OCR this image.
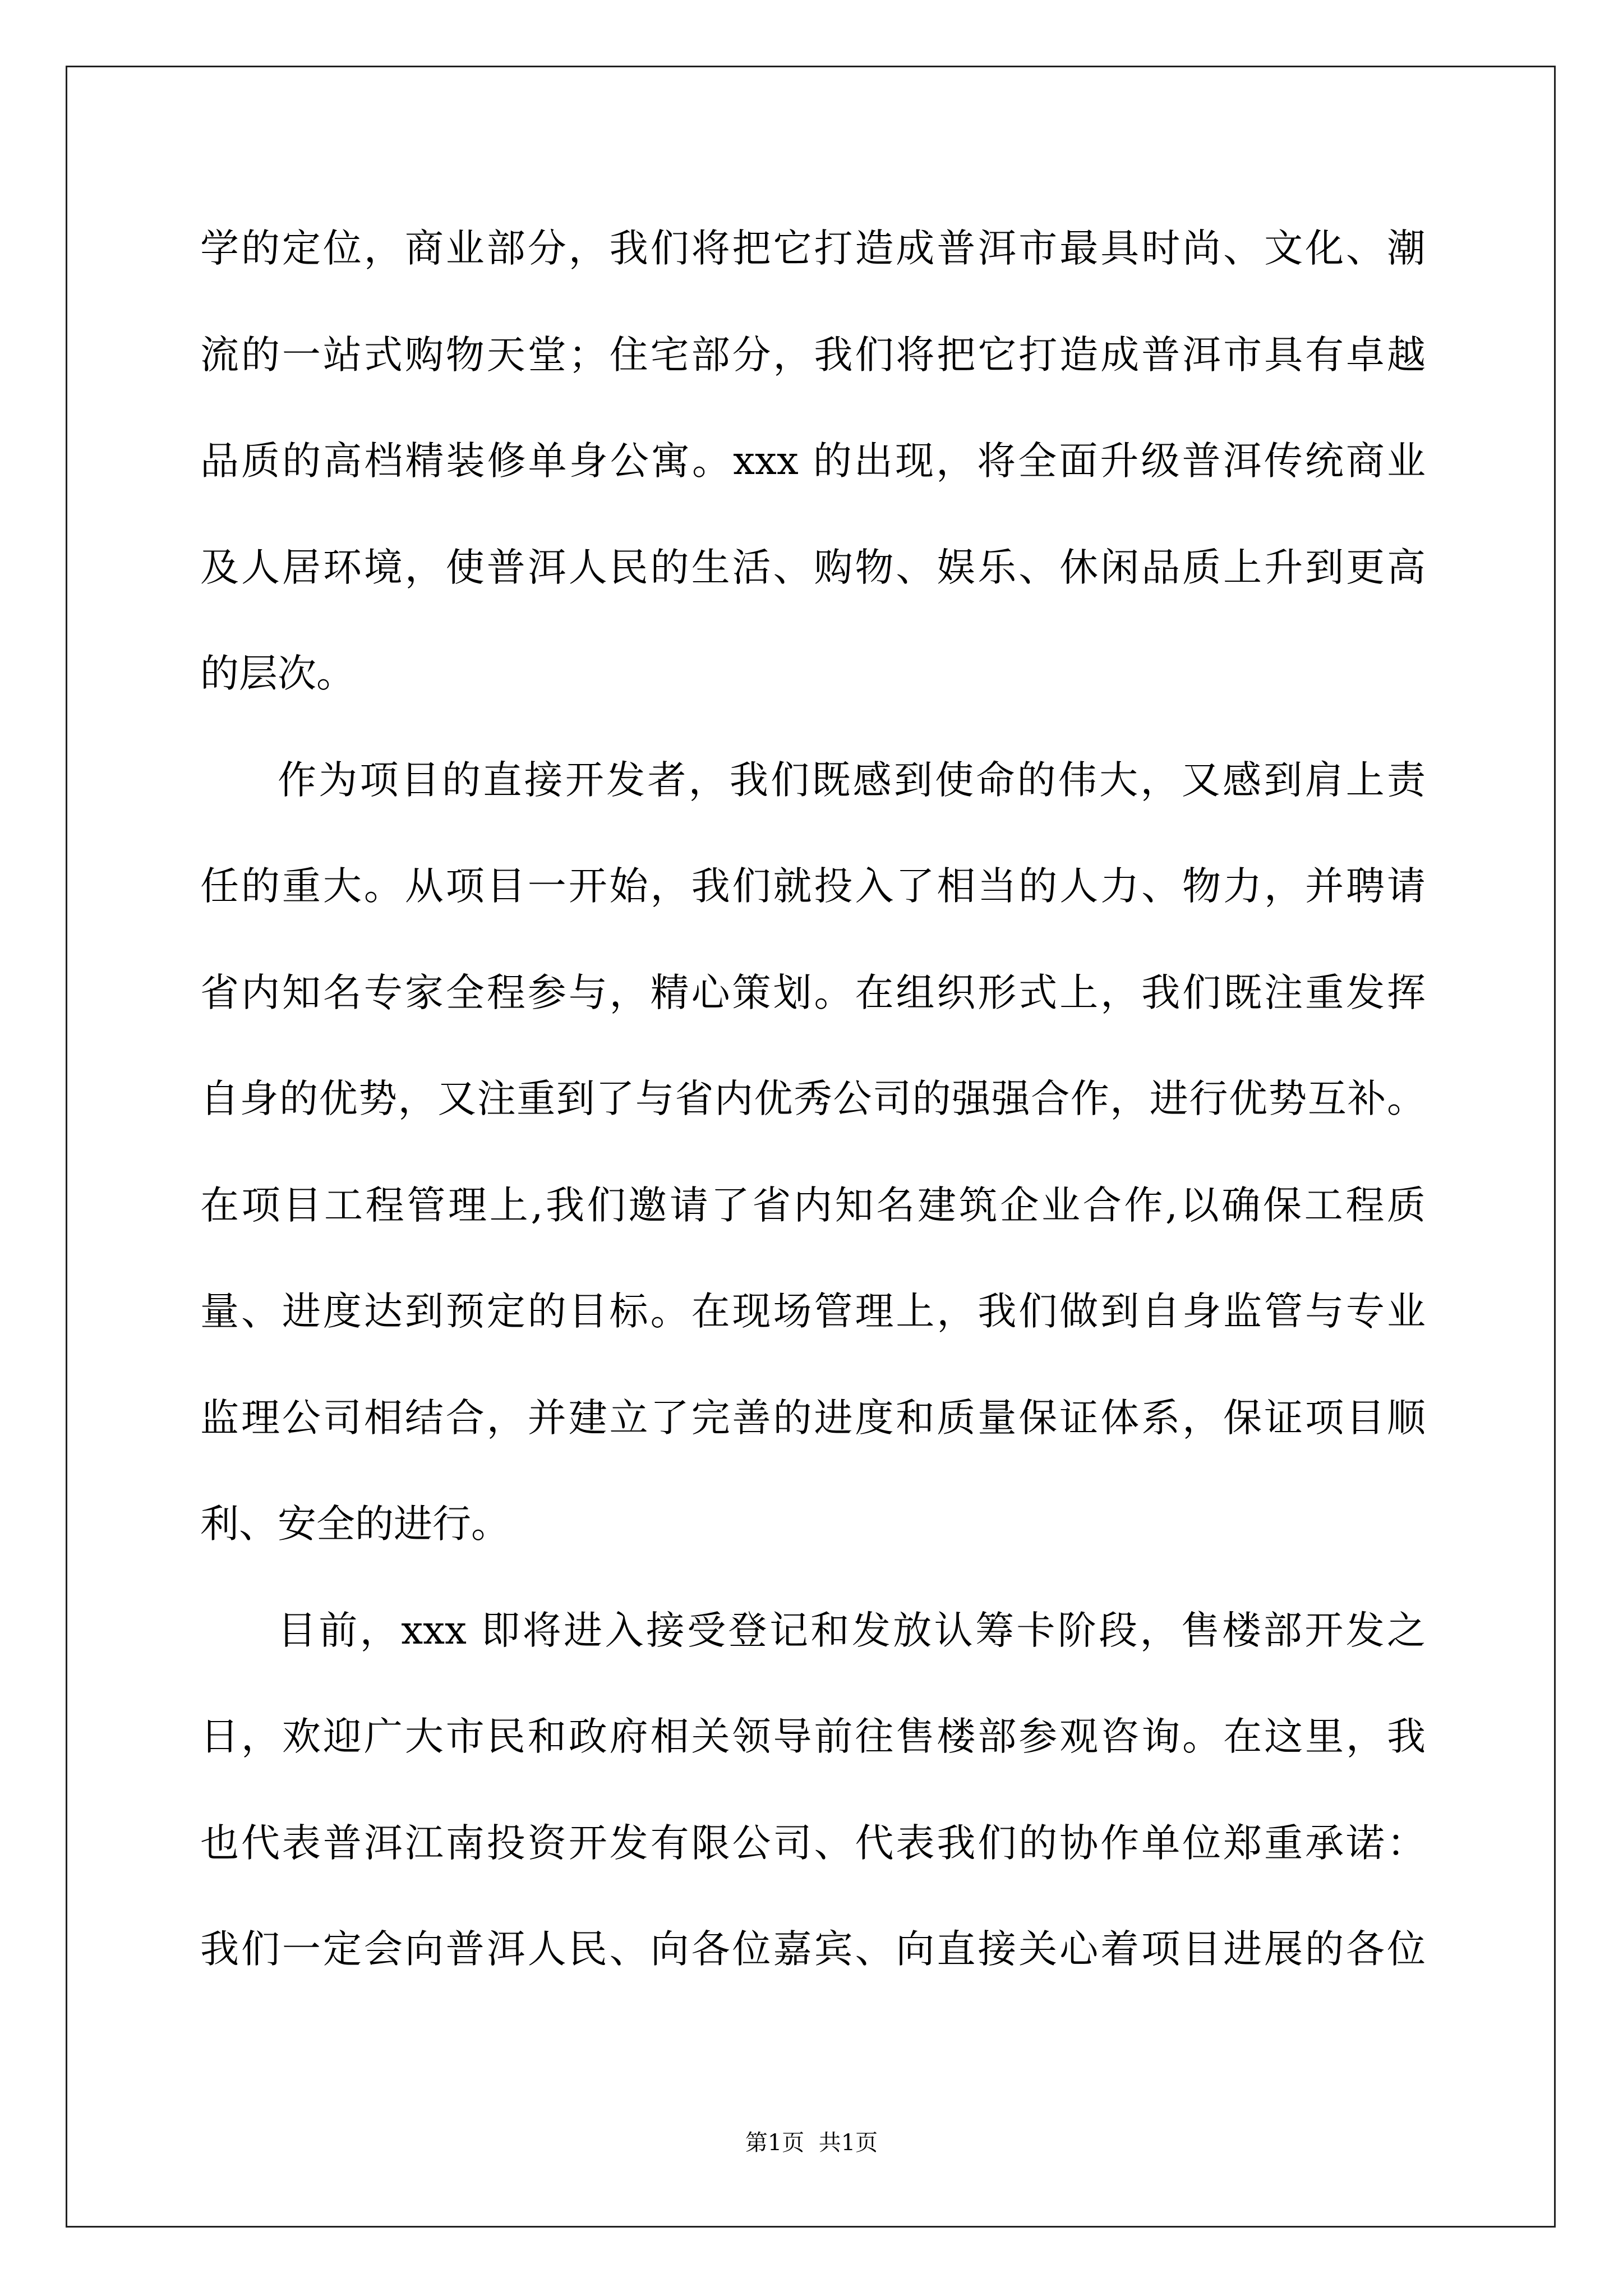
学的定位，商业部分，我们将把它打造成普洱市最具时尚、文化、潮
流的一站式购物天堂；住宅部分，我们将把它打造成普洱市具有卓越
品质的高档精装修单身公寓。xxx 的出现，将全面升级普洱传统商业
及人居环境，使普洱人民的生活、购物、娱乐、休闲品质上升到更高
的层次。
作为项目的直接开发者，我们既感到使命的伟大，又感到肩上责
任的重大。从项目一开始，我们就投入了相当的人力、物力，并聘请
省内知名专家全程参与，精心策划。在组织形式上，我们既注重发挥
自身的优势，又注重到了与省内优秀公司的强强合作，进行优势互补。
在项目工程管理上,我们邀请了省内知名建筑企业合作,以确保工程质
量、进度达到预定的目标。在现场管理上，我们做到自身监管与专业
监理公司相结合，并建立了完善的进度和质量保证体系，保证项目顺
利、安全的进行。
目前，xxx 即将进入接受登记和发放认筹卡阶段，售楼部开发之
日，欢迎广大市民和政府相关领导前往售楼部参观咨询。在这里，我
也代表普洱江南投资开发有限公司、代表我们的协作单位郑重承诺：
我们一定会向普洱人民、向各位嘉宾、向直接关心着项目进展的各位
第1页  共1页
